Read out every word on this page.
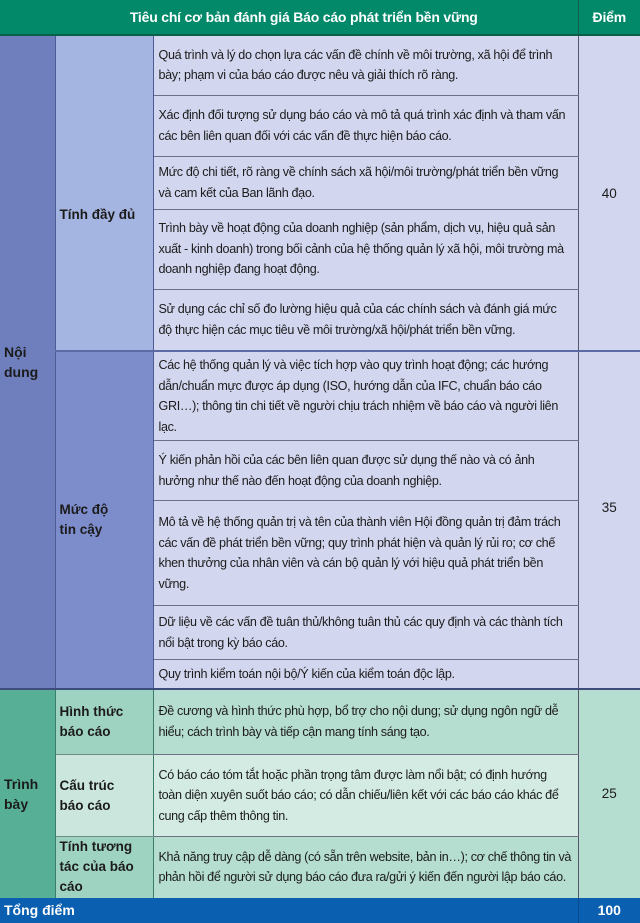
Tiêu chí cơ bản đánh giá Báo cáo phát triển bền vững			Điểm
Nội dung	Tính đầy đủ	Quá trình và lý do chọn lựa các vấn đề chính về môi trường, xã hội để trình bày; phạm vi của báo cáo được nêu và giải thích rõ ràng.	40
		Xác định đối tượng sử dụng báo cáo và mô tả quá trình xác định và tham vấn các bên liên quan đối với các vấn đề thực hiện báo cáo.	
		Mức độ chi tiết, rõ ràng về chính sách xã hội/môi trường/phát triển bền vững và cam kết của Ban lãnh đạo.	
		Trình bày về hoạt động của doanh nghiệp (sản phẩm, dịch vụ, hiệu quả sản xuất - kinh doanh) trong bối cảnh của hệ thống quản lý xã hội, môi trường mà doanh nghiệp đang hoạt động.	
		Sử dụng các chỉ số đo lường hiệu quả của các chính sách và đánh giá mức độ thực hiện các mục tiêu về môi trường/xã hội/phát triển bền vững.	
	Mức độ tin cậy	Các hệ thống quản lý và việc tích hợp vào quy trình hoạt động; các hướng dẫn/chuẩn mực được áp dụng (ISO, hướng dẫn của IFC, chuẩn báo cáo GRI…); thông tin chi tiết về người chịu trách nhiệm về báo cáo và người liên lạc.	35
		Ý kiến phản hồi của các bên liên quan được sử dụng thế nào và có ảnh hưởng như thế nào đến hoạt động của doanh nghiệp.	
		Mô tả về hệ thống quản trị và tên của thành viên Hội đồng quản trị đảm trách các vấn đề phát triển bền vững; quy trình phát hiện và quản lý rủi ro; cơ chế khen thưởng của nhân viên và cán bộ quản lý với hiệu quả phát triển bền vững.	
		Dữ liệu về các vấn đề tuân thủ/không tuân thủ các quy định và các thành tích nổi bật trong kỳ báo cáo.	
		Quy trình kiểm toán nội bộ/Ý kiến của kiểm toán độc lập.	
Trình bày	Hình thức báo cáo	Đề cương và hình thức phù hợp, bổ trợ cho nội dung; sử dụng ngôn ngữ dễ hiểu; cách trình bày và tiếp cận mang tính sáng tạo.	25
	Cấu trúc báo cáo	Có báo cáo tóm tắt hoặc phần trọng tâm được làm nổi bật; có định hướng toàn diện xuyên suốt báo cáo; có dẫn chiếu/liên kết với các báo cáo khác để cung cấp thêm thông tin.	
	Tính tương tác của báo cáo	Khả năng truy cập dễ dàng (có sẵn trên website, bản in…); cơ chế thông tin và phản hồi để người sử dụng báo cáo đưa ra/gửi ý kiến đến người lập báo cáo.	
Tổng điểm			100
